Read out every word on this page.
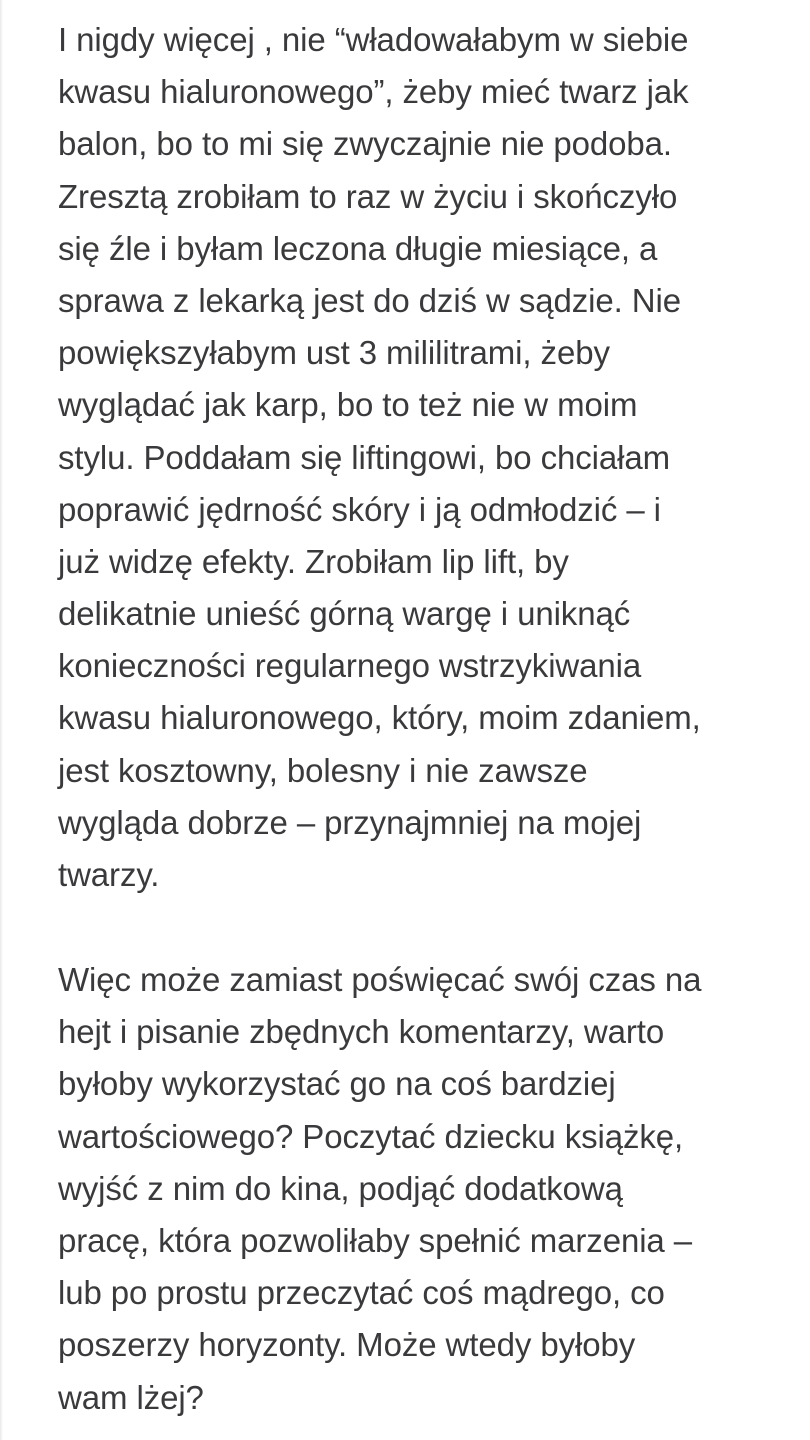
I nigdy więcej , nie “władowałabym w siebie
kwasu hialuronowego”, żeby mieć twarz jak
balon, bo to mi się zwyczajnie nie podoba.
Zresztą zrobiłam to raz w życiu i skończyło
się źle i byłam leczona długie miesiące, a
sprawa z lekarką jest do dziś w sądzie. Nie
powiększyłabym ust 3 mililitrami, żeby
wyglądać jak karp, bo to też nie w moim
stylu. Poddałam się liftingowi, bo chciałam
poprawić jędrność skóry i ją odmłodzić – i
już widzę efekty. Zrobiłam lip lift, by
delikatnie unieść górną wargę i uniknąć
konieczności regularnego wstrzykiwania
kwasu hialuronowego, który, moim zdaniem,
jest kosztowny, bolesny i nie zawsze
wygląda dobrze – przynajmniej na mojej
twarzy.
Więc może zamiast poświęcać swój czas na
hejt i pisanie zbędnych komentarzy, warto
byłoby wykorzystać go na coś bardziej
wartościowego? Poczytać dziecku książkę,
wyjść z nim do kina, podjąć dodatkową
pracę, która pozwoliłaby spełnić marzenia –
lub po prostu przeczytać coś mądrego, co
poszerzy horyzonty. Może wtedy byłoby
wam lżej?
